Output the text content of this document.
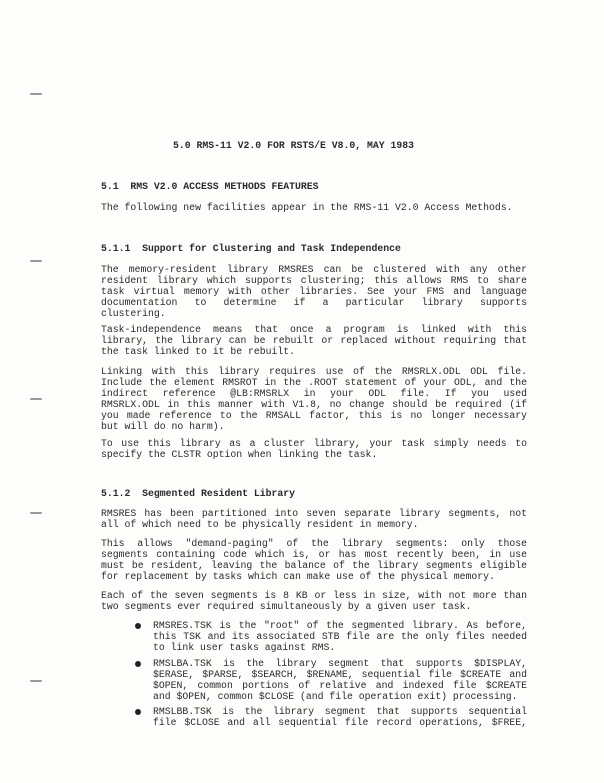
5.0 RMS-11 V2.0 FOR RSTS/E V8.0, MAY 1983
5.1  RMS V2.0 ACCESS METHODS FEATURES
The following new facilities appear in the RMS-11 V2.0 Access Methods.
5.1.1  Support for Clustering and Task Independence
The memory-resident library RMSRES can be clustered with any other
resident library which supports clustering; this allows RMS to share
task virtual memory with other libraries. See your FMS and language
documentation to determine if a particular library supports
clustering.
Task-independence means that once a program is linked with this
library, the library can be rebuilt or replaced without requiring that
the task linked to it be rebuilt.
Linking with this library requires use of the RMSRLX.ODL ODL file.
Include the element RMSROT in the .ROOT statement of your ODL, and the
indirect reference @LB:RMSRLX in your ODL file. If you used
RMSRLX.ODL in this manner with V1.8, no change should be required (if
you made reference to the RMSALL factor, this is no longer necessary
but will do no harm).
To use this library as a cluster library, your task simply needs to
specify the CLSTR option when linking the task.
5.1.2  Segmented Resident Library
RMSRES has been partitioned into seven separate library segments, not
all of which need to be physically resident in memory.
This allows "demand-paging" of the library segments: only those
segments containing code which is, or has most recently been, in use
must be resident, leaving the balance of the library segments eligible
for replacement by tasks which can make use of the physical memory.
Each of the seven segments is 8 KB or less in size, with not more than
two segments ever required simultaneously by a given user task.
RMSRES.TSK is the "root" of the segmented library. As before,
this TSK and its associated STB file are the only files needed
to link user tasks against RMS.
RMSLBA.TSK is the library segment that supports $DISPLAY,
$ERASE, $PARSE, $SEARCH, $RENAME, sequential file $CREATE and
$OPEN, common portions of relative and indexed file $CREATE
and $OPEN, common $CLOSE (and file operation exit) processing.
RMSLBB.TSK is the library segment that supports sequential
file $CLOSE and all sequential file record operations, $FREE,
